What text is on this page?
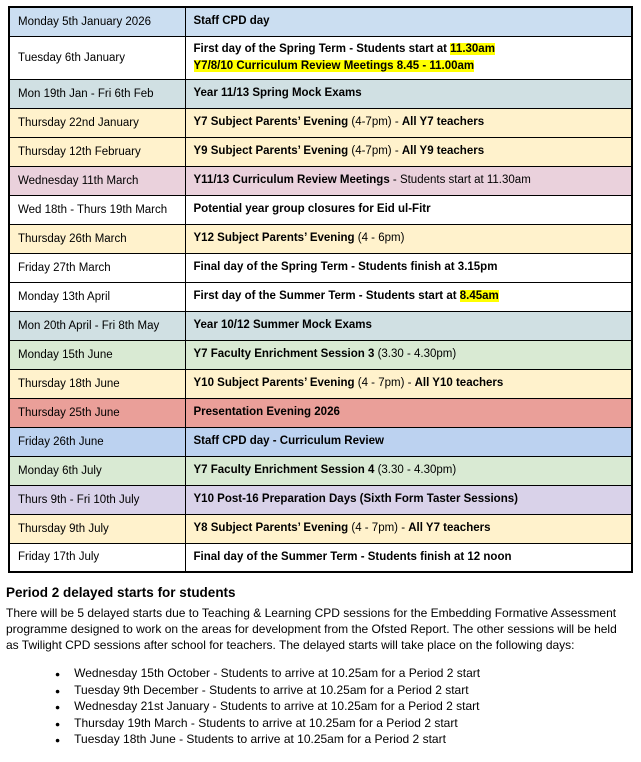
Monday 5th January 2026	Staff CPD day

Tuesday 6th January	First day of the Spring Term - Students start at 11.30am
Y7/8/10 Curriculum Review Meetings 8.45 - 11.00am

Mon 19th Jan - Fri 6th Feb	Year 11/13 Spring Mock Exams

Thursday 22nd January	Y7 Subject Parents’ Evening (4-7pm) - All Y7 teachers

Thursday 12th February	Y9 Subject Parents’ Evening (4-7pm) - All Y9 teachers

Wednesday 11th March	Y11/13 Curriculum Review Meetings - Students start at 11.30am

Wed 18th - Thurs 19th March	Potential year group closures for Eid ul-Fitr

Thursday 26th March	Y12 Subject Parents’ Evening (4 - 6pm)

Friday 27th March	Final day of the Spring Term - Students finish at 3.15pm

Monday 13th April	First day of the Summer Term - Students start at 8.45am

Mon 20th April - Fri 8th May	Year 10/12 Summer Mock Exams

Monday 15th June	Y7 Faculty Enrichment Session 3 (3.30 - 4.30pm)

Thursday 18th June	Y10 Subject Parents’ Evening (4 - 7pm) - All Y10 teachers

Thursday 25th June	Presentation Evening 2026

Friday 26th June	Staff CPD day - Curriculum Review

Monday 6th July	Y7 Faculty Enrichment Session 4 (3.30 - 4.30pm)

Thurs 9th - Fri 10th July	Y10 Post-16 Preparation Days (Sixth Form Taster Sessions)

Thursday 9th July	Y8 Subject Parents’ Evening (4 - 7pm) - All Y7 teachers

Friday 17th July	Final day of the Summer Term - Students finish at 12 noon
Period 2 delayed starts for students
There will be 5 delayed starts due to Teaching & Learning CPD sessions for the Embedding Formative Assessment
programme designed to work on the areas for development from the Ofsted Report. The other sessions will be held
as Twilight CPD sessions after school for teachers. The delayed starts will take place on the following days:
● Wednesday 15th October - Students to arrive at 10.25am for a Period 2 start
● Tuesday 9th December - Students to arrive at 10.25am for a Period 2 start
● Wednesday 21st January - Students to arrive at 10.25am for a Period 2 start
● Thursday 19th March - Students to arrive at 10.25am for a Period 2 start
● Tuesday 18th June - Students to arrive at 10.25am for a Period 2 start
